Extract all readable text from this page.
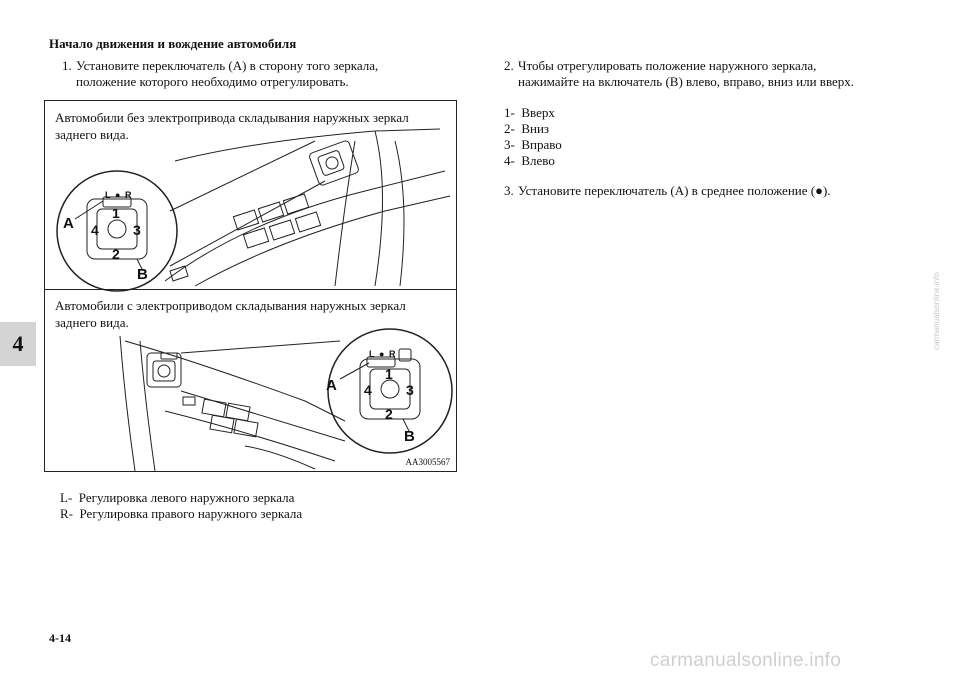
Начало движения и вождение автомобиля
1. Установите переключатель (A) в сторону того зеркала,
положение которого необходимо отрегулировать.
Автомобили без электропривода складывания наружных зеркал
заднего вида.
Автомобили с электроприводом складывания наружных зеркал
заднего вида.
L ● R
1
4 3
2
A
B
L ● R
1
4 3
2
A
B
AA3005567
L- Регулировка левого наружного зеркала
R- Регулировка правого наружного зеркала
2. Чтобы отрегулировать положение наружного зеркала,
нажимайте на включатель (B) влево, вправо, вниз или вверх.
1- Вверх
2- Вниз
3- Вправо
4- Влево
3. Установите переключатель (A) в среднее положение (●).
4
4-14
carmanualsonline.info
carmanualsonline.info
